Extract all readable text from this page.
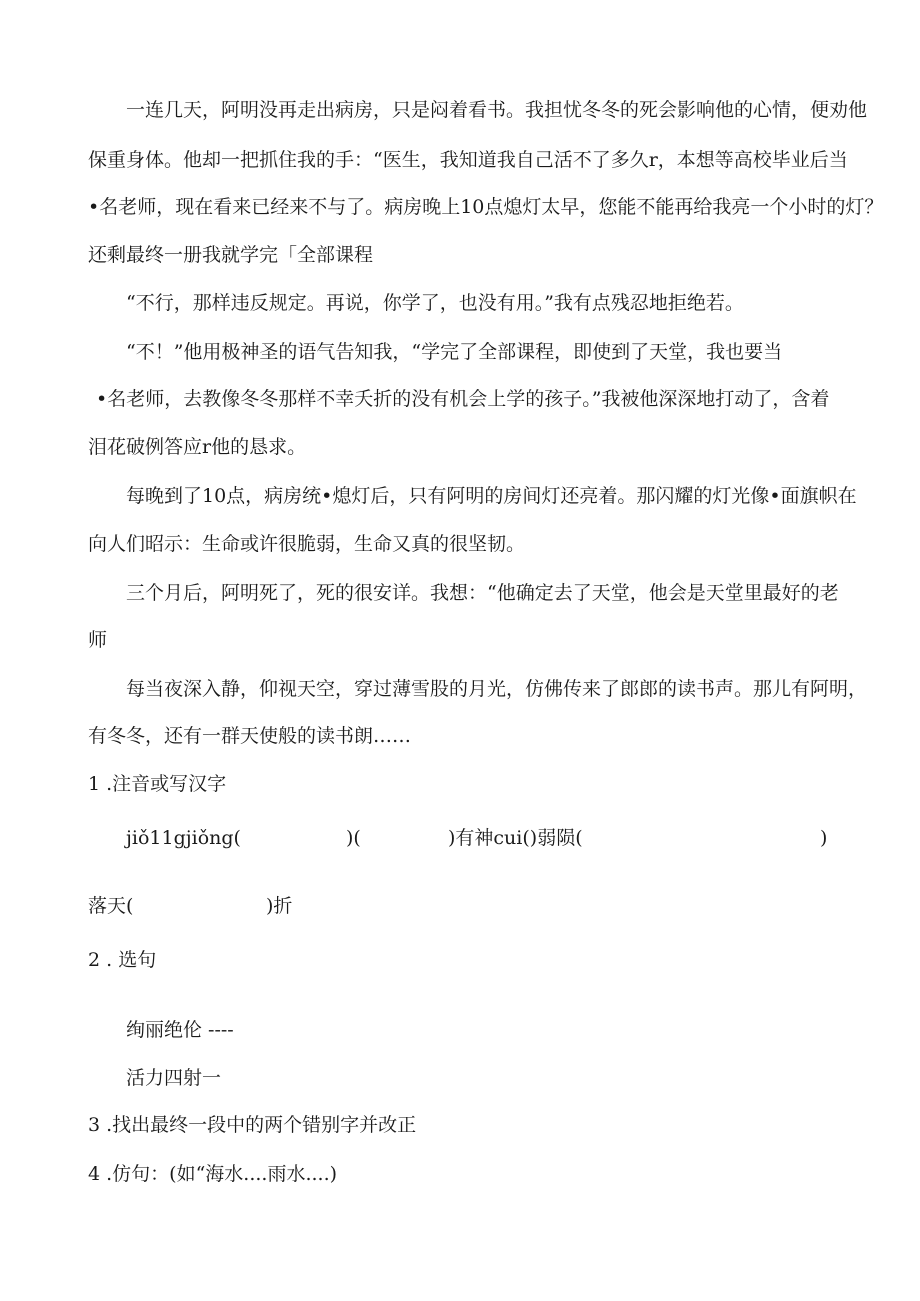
一连几天，阿明没再走出病房，只是闷着看书。我担忧冬冬的死会影响他的心情，便劝他
保重身体。他却一把抓住我的手：“医生，我知道我自己活不了多久r，本想等高校毕业后当
•名老师，现在看来已经来不与了。病房晚上10点熄灯太早，您能不能再给我亮一个小时的灯？
还剩最终一册我就学完「全部课程
“不行，那样违反规定。再说，你学了，也没有用。”我有点残忍地拒绝若。
“不！”他用极神圣的语气告知我，“学完了全部课程，即使到了天堂，我也要当
•名老师，去教像冬冬那样不幸夭折的没有机会上学的孩子。”我被他深深地打动了，含着
泪花破例答应r他的恳求。
每晚到了10点，病房统•熄灯后，只有阿明的房间灯还亮着。那闪耀的灯光像•面旗帜在
向人们昭示：生命或许很脆弱，生命又真的很坚韧。
三个月后，阿明死了，死的很安详。我想：“他确定去了天堂，他会是天堂里最好的老
师
每当夜深入静，仰视天空，穿过薄雪股的月光，仿佛传来了郎郎的读书声。那儿有阿明，
有冬冬，还有一群天使般的读书朗……
1 .注音或写汉字
jiǒ11gjiǒng(	)(	)有神cui()弱陨(	)
落天(	)折
2 . 选句
绚丽绝伦 ----
活力四射一
3 .找出最终一段中的两个错别字并改正
4 .仿句：(如“海水....雨水....)
